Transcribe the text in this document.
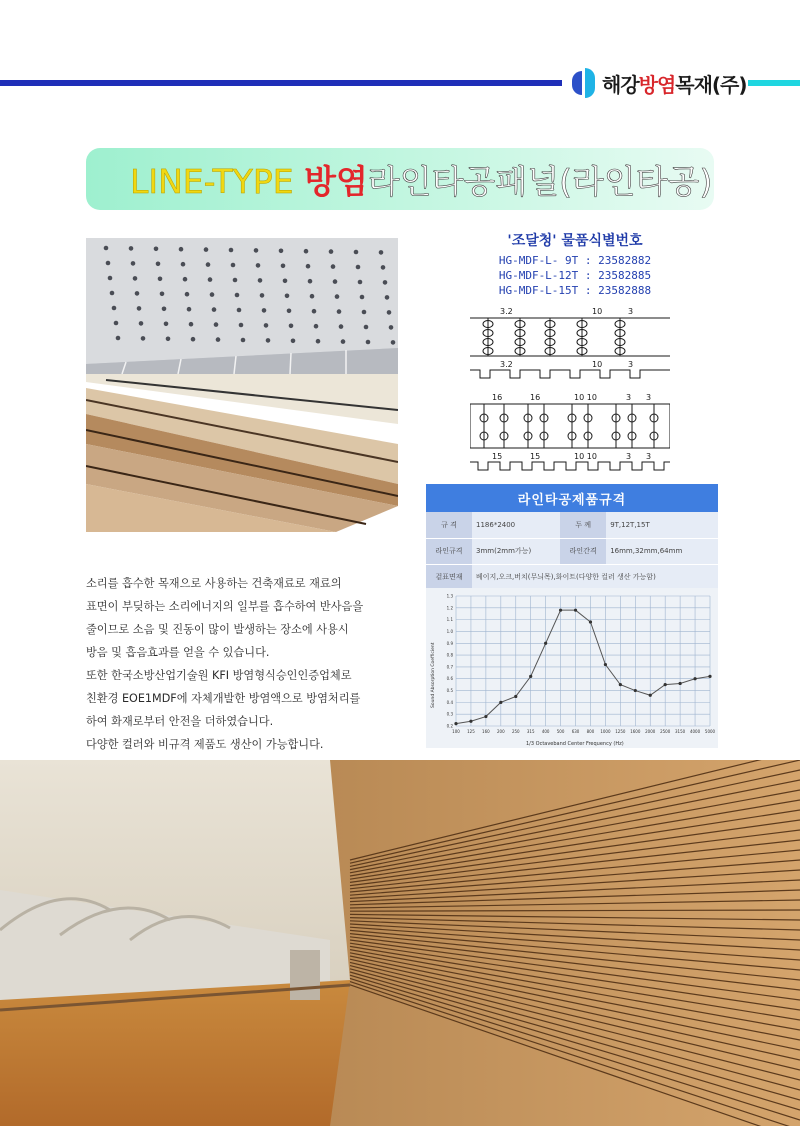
해강방염목재(주)
LINE-TYPE 방염라인타공패널(라인타공)
'조달청' 물품식별번호
HG-MDF-L- 9T : 23582882
HG-MDF-L-12T : 23582885
HG-MDF-L-15T : 23582888
3.2	10	3
3.2	10	3
16	16	10 10	3 3
15	15	10 10	3 3
라인타공제품규격
규 격	1186*2400	두 께	9T,12T,15T
라인규격	3mm(2mm가능)	라인간격	16mm,32mm,64mm
겉표면재	베이지,오크,버치(무늬목),화이트(다양한 컬러 생산 가능함)		
0.2
0.3
0.4
0.5
0.6
0.7
0.8
0.9
1.0
1.1
1.2
1.3
100 125 160 200 250 315 400 500 630 800 1000 1250 1600 2000 2500 3150 4000 5000
Sound Absorption Coefficient
1/3 Octaveband Center Frequency (Hz)

소리를 흡수한 목재으로 사용하는 건축재료로 재료의

표면이 부딪하는 소리에너지의 일부를 흡수하여 반사음을

줄이므로 소음 및 진동이 많이 발생하는 장소에 사용시

방음 및 흡음효과를 얻을 수 있습니다.

또한 한국소방산업기술원 KFI 방염형식승인인증업체로

친환경 EOE1MDF에 자체개발한 방염액으로 방염처리를

하여 화재로부터 안전을 더하였습니다.

다양한 컬러와 비규격 제품도 생산이 가능합니다.
